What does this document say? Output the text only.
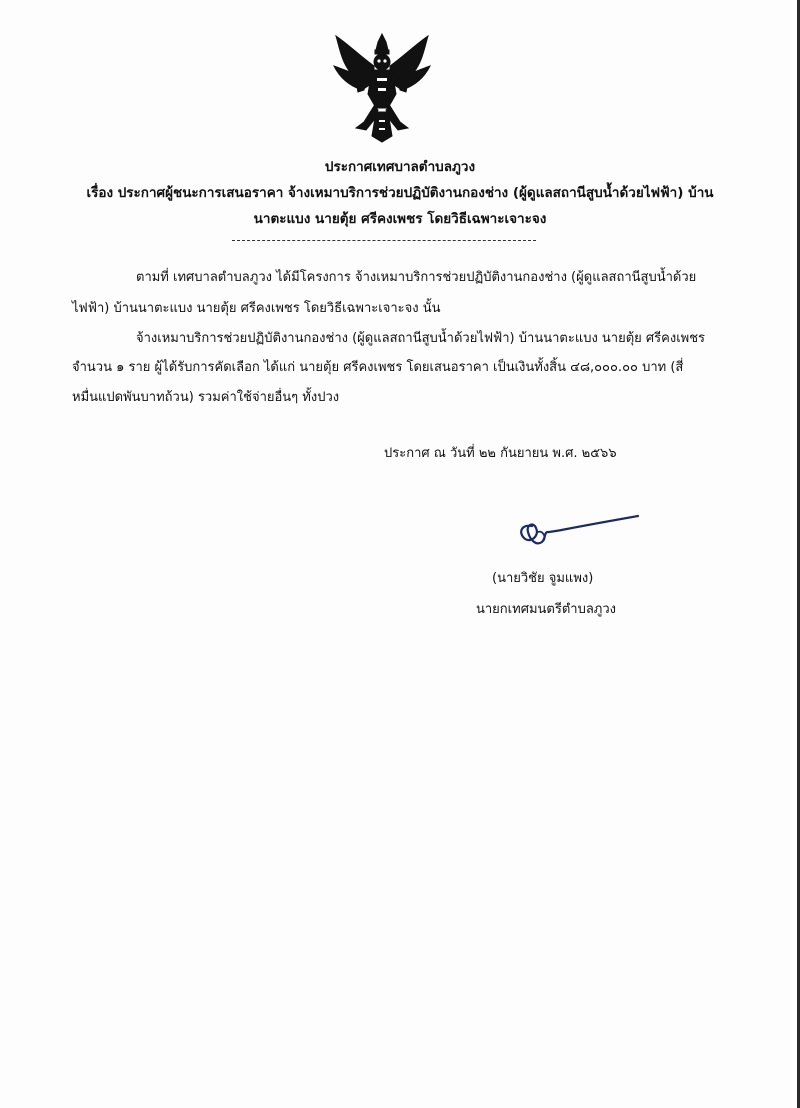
ประกาศเทศบาลตำบลภูวง
เรื่อง ประกาศผู้ชนะการเสนอราคา จ้างเหมาบริการช่วยปฏิบัติงานกองช่าง (ผู้ดูแลสถานีสูบน้ำด้วยไฟฟ้า) บ้าน
นาตะแบง นายตุ้ย ศรีคงเพชร โดยวิธีเฉพาะเจาะจง
ตามที่ เทศบาลตำบลภูวง ได้มีโครงการ จ้างเหมาบริการช่วยปฏิบัติงานกองช่าง (ผู้ดูแลสถานีสูบน้ำด้วย
ไฟฟ้า) บ้านนาตะแบง นายตุ้ย ศรีคงเพชร โดยวิธีเฉพาะเจาะจง นั้น
จ้างเหมาบริการช่วยปฏิบัติงานกองช่าง (ผู้ดูแลสถานีสูบน้ำด้วยไฟฟ้า) บ้านนาตะแบง นายตุ้ย ศรีคงเพชร
จำนวน ๑ ราย ผู้ได้รับการคัดเลือก ได้แก่ นายตุ้ย ศรีคงเพชร โดยเสนอราคา เป็นเงินทั้งสิ้น ๔๘,๐๐๐.๐๐ บาท (สี่
หมื่นแปดพันบาทถ้วน) รวมค่าใช้จ่ายอื่นๆ ทั้งปวง
ประกาศ ณ วันที่ ๒๒ กันยายน พ.ศ. ๒๕๖๖
(นายวิชัย จูมแพง)
นายกเทศมนตรีตำบลภูวง
